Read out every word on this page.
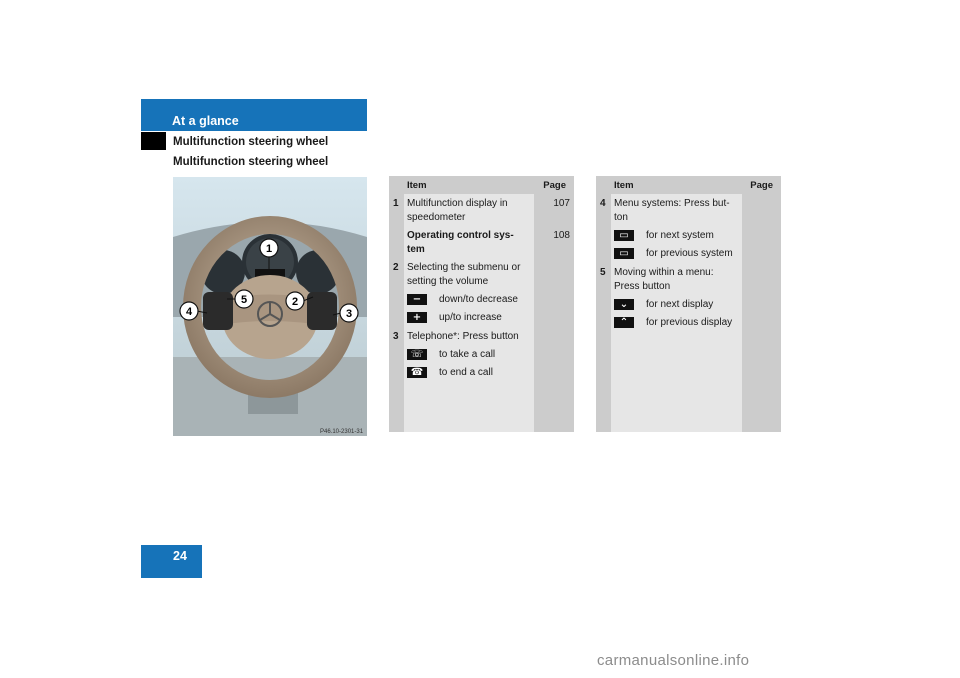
At a glance
Multifunction steering wheel
Multifunction steering wheel
1
2
3
4
5
P46.10-2301-31
Item	Page
1 Multifunction display in
speedometer
107
Operating control sys-
tem
108
2 Selecting the submenu or
setting the volume
−	down/to decrease
+	up/to increase
3 Telephone*: Press button
☏	to take a call
☎	to end a call
Item	Page
4 Menu systems: Press but-
ton
▭	for next system
▭	for previous system
5 Moving within a menu:
Press button
⌄	for next display
⌃	for previous display
24
carmanualsonline.info
